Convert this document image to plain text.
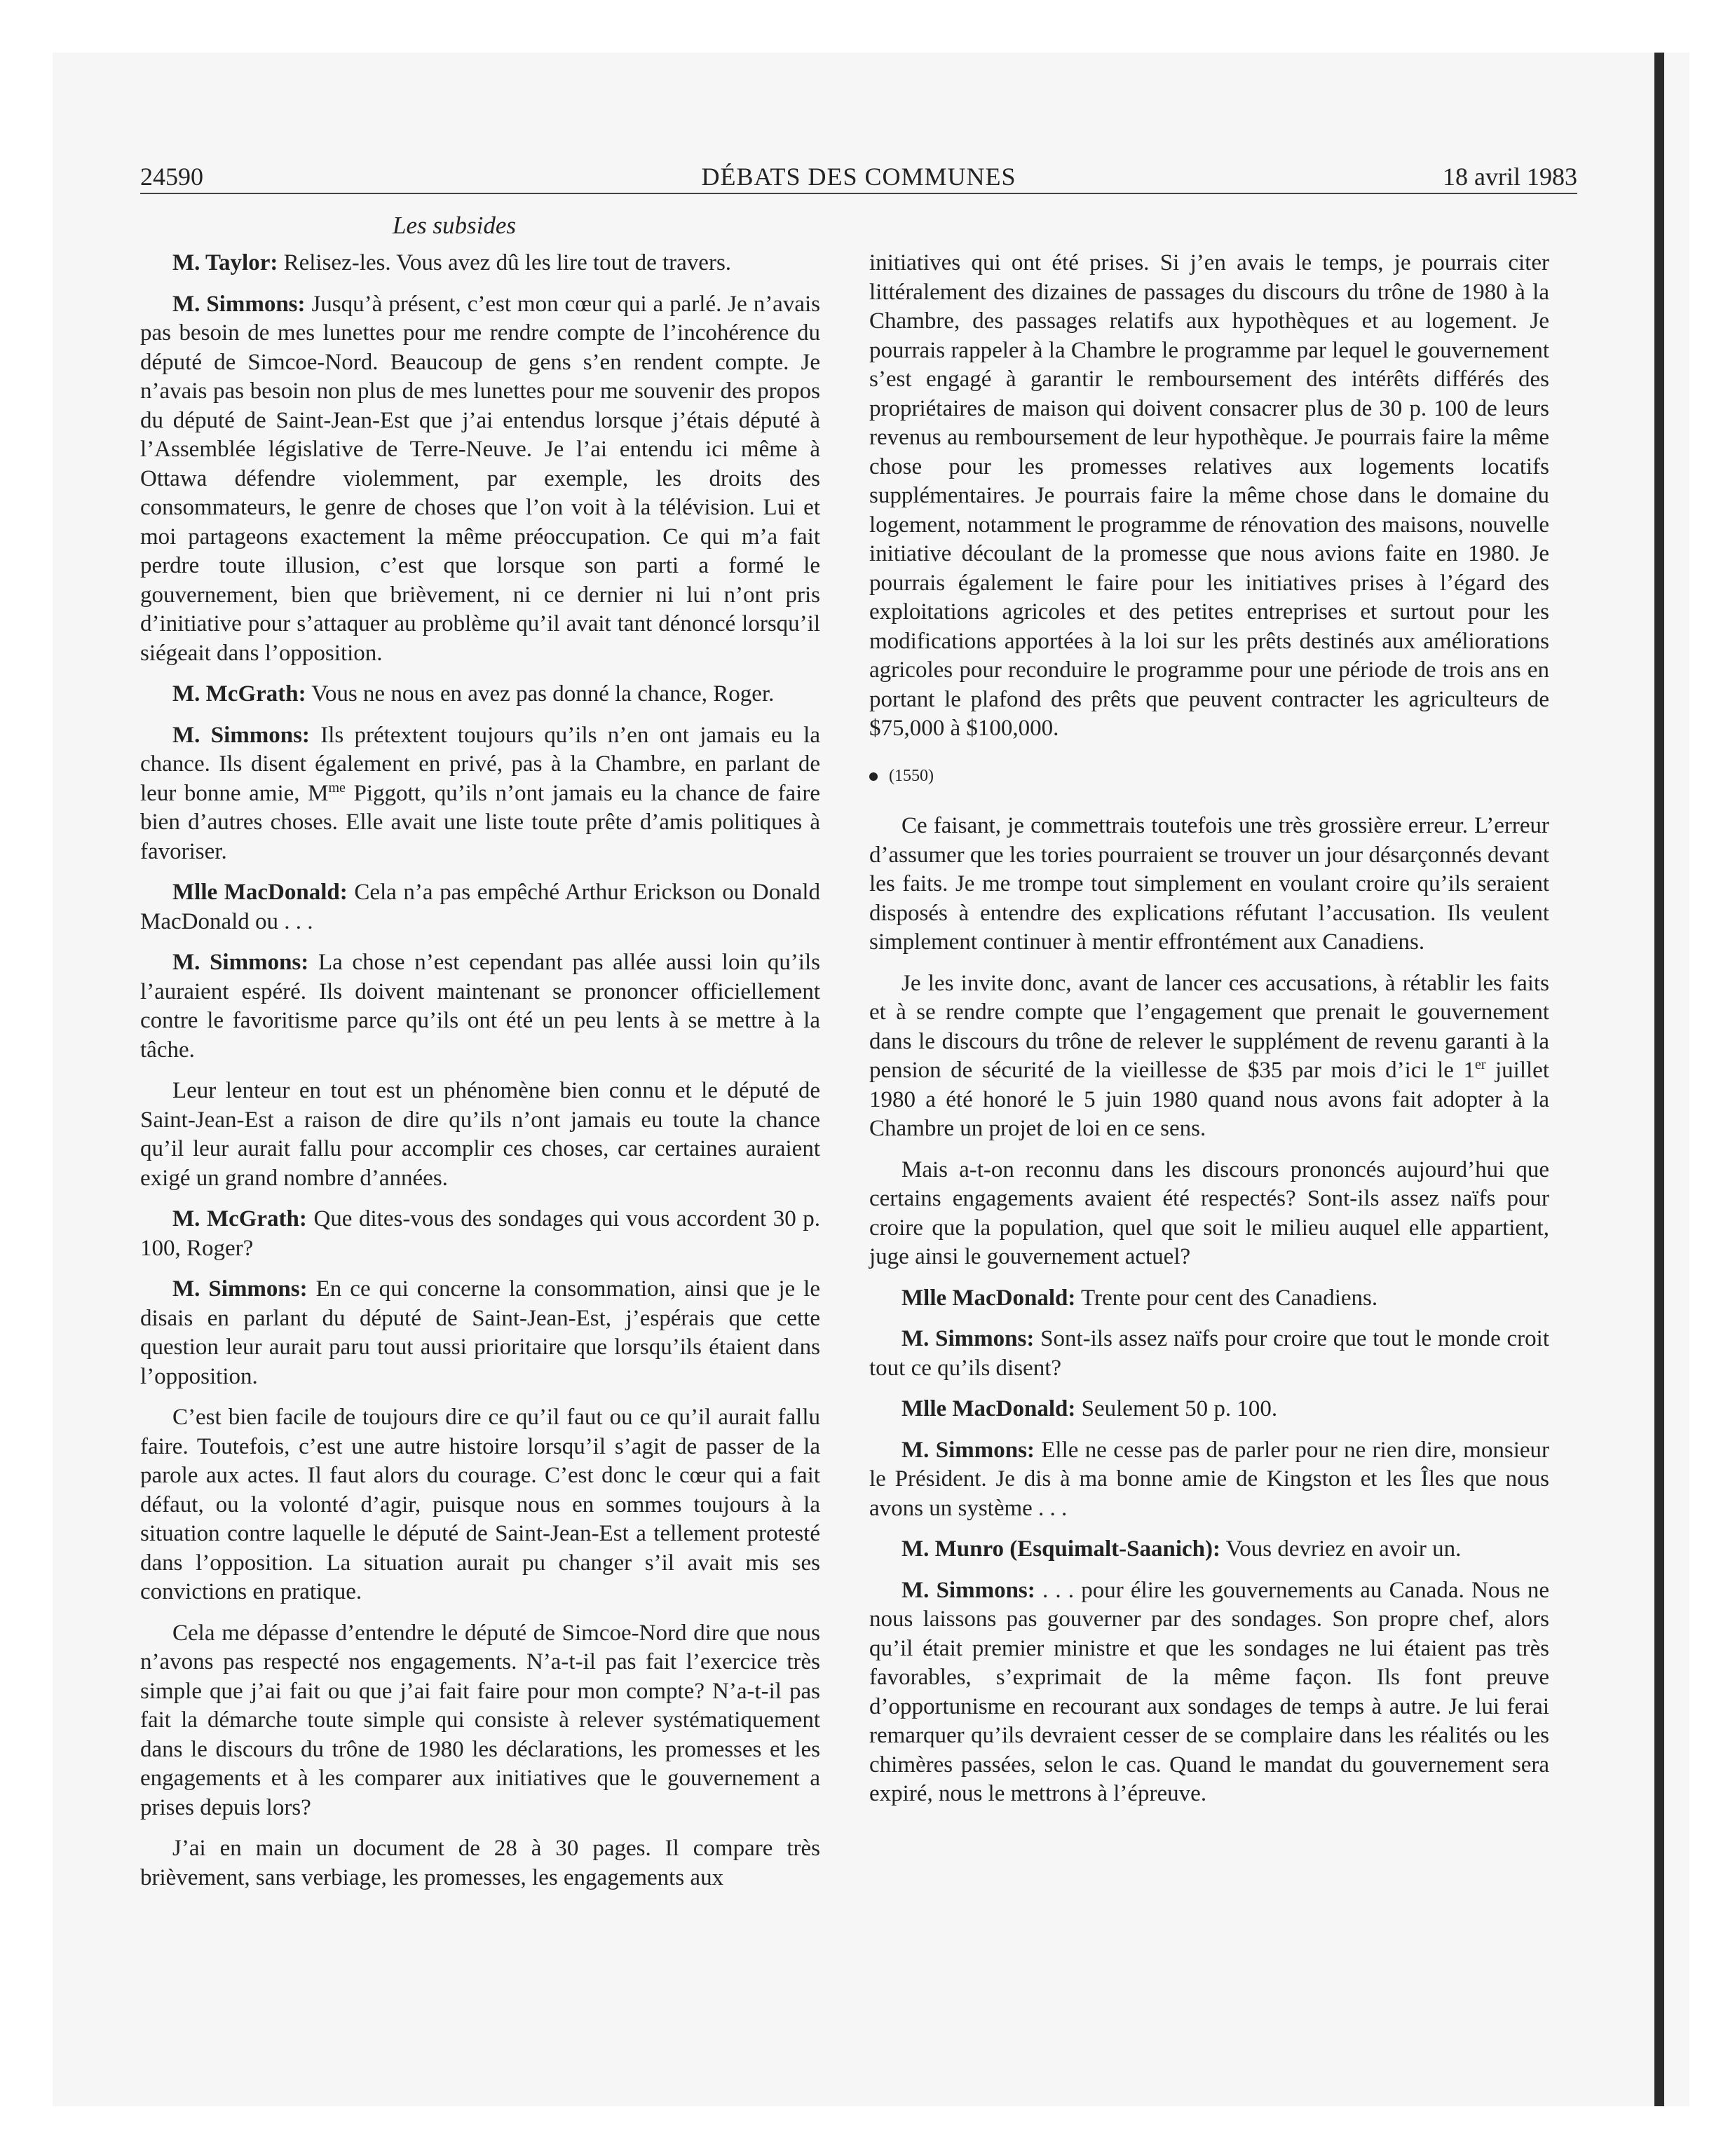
24590	DÉBATS DES COMMUNES	18 avril 1983
Les subsides

M. Taylor: Relisez-les. Vous avez dû les lire tout de travers.

M. Simmons: Jusqu’à présent, c’est mon cœur qui a parlé. Je n’avais pas besoin de mes lunettes pour me rendre compte de l’incohérence du député de Simcoe-Nord. Beaucoup de gens s’en rendent compte. Je n’avais pas besoin non plus de mes lunettes pour me souvenir des propos du député de Saint-Jean-Est que j’ai entendus lorsque j’étais député à l’Assemblée législative de Terre-Neuve. Je l’ai entendu ici même à Ottawa défendre violemment, par exemple, les droits des consommateurs, le genre de choses que l’on voit à la télévision. Lui et moi partageons exactement la même préoccupation. Ce qui m’a fait perdre toute illusion, c’est que lorsque son parti a formé le gouvernement, bien que brièvement, ni ce dernier ni lui n’ont pris d’initiative pour s’attaquer au problème qu’il avait tant dénoncé lorsqu’il siégeait dans l’opposition.

M. McGrath: Vous ne nous en avez pas donné la chance, Roger.

M. Simmons: Ils prétextent toujours qu’ils n’en ont jamais eu la chance. Ils disent également en privé, pas à la Chambre, en parlant de leur bonne amie, $M^{me}$ Piggott, qu’ils n’ont jamais eu la chance de faire bien d’autres choses. Elle avait une liste toute prête d’amis politiques à favoriser.

Mlle MacDonald: Cela n’a pas empêché Arthur Erickson ou Donald MacDonald ou . . .

M. Simmons: La chose n’est cependant pas allée aussi loin qu’ils l’auraient espéré. Ils doivent maintenant se prononcer officiellement contre le favoritisme parce qu’ils ont été un peu lents à se mettre à la tâche.

Leur lenteur en tout est un phénomène bien connu et le député de Saint-Jean-Est a raison de dire qu’ils n’ont jamais eu toute la chance qu’il leur aurait fallu pour accomplir ces choses, car certaines auraient exigé un grand nombre d’années.

M. McGrath: Que dites-vous des sondages qui vous accordent 30 p. 100, Roger?

M. Simmons: En ce qui concerne la consommation, ainsi que je le disais en parlant du député de Saint-Jean-Est, j’espérais que cette question leur aurait paru tout aussi prioritaire que lorsqu’ils étaient dans l’opposition.

C’est bien facile de toujours dire ce qu’il faut ou ce qu’il aurait fallu faire. Toutefois, c’est une autre histoire lorsqu’il s’agit de passer de la parole aux actes. Il faut alors du courage. C’est donc le cœur qui a fait défaut, ou la volonté d’agir, puisque nous en sommes toujours à la situation contre laquelle le député de Saint-Jean-Est a tellement protesté dans l’opposition. La situation aurait pu changer s’il avait mis ses convictions en pratique.

Cela me dépasse d’entendre le député de Simcoe-Nord dire que nous n’avons pas respecté nos engagements. N’a-t-il pas fait l’exercice très simple que j’ai fait ou que j’ai fait faire pour mon compte? N’a-t-il pas fait la démarche toute simple qui consiste à relever systématiquement dans le discours du trône de 1980 les déclarations, les promesses et les engagements et à les comparer aux initiatives que le gouvernement a prises depuis lors?

J’ai en main un document de 28 à 30 pages. Il compare très brièvement, sans verbiage, les promesses, les engagements aux

initiatives qui ont été prises. Si j’en avais le temps, je pourrais citer littéralement des dizaines de passages du discours du trône de 1980 à la Chambre, des passages relatifs aux hypothèques et au logement. Je pourrais rappeler à la Chambre le programme par lequel le gouvernement s’est engagé à garantir le remboursement des intérêts différés des propriétaires de maison qui doivent consacrer plus de 30 p. 100 de leurs revenus au remboursement de leur hypothèque. Je pourrais faire la même chose pour les promesses relatives aux logements locatifs supplémentaires. Je pourrais faire la même chose dans le domaine du logement, notamment le programme de rénovation des maisons, nouvelle initiative découlant de la promesse que nous avions faite en 1980. Je pourrais également le faire pour les initiatives prises à l’égard des exploitations agricoles et des petites entreprises et surtout pour les modifications apportées à la loi sur les prêts destinés aux améliorations agricoles pour reconduire le programme pour une période de trois ans en portant le plafond des prêts que peuvent contracter les agriculteurs de $75,000 à $100,000.

(1550)

Ce faisant, je commettrais toutefois une très grossière erreur. L’erreur d’assumer que les tories pourraient se trouver un jour désarçonnés devant les faits. Je me trompe tout simplement en voulant croire qu’ils seraient disposés à entendre des explications réfutant l’accusation. Ils veulent simplement continuer à mentir effrontément aux Canadiens.

Je les invite donc, avant de lancer ces accusations, à rétablir les faits et à se rendre compte que l’engagement que prenait le gouvernement dans le discours du trône de relever le supplément de revenu garanti à la pension de sécurité de la vieillesse de $35 par mois d’ici le 1er juillet 1980 a été honoré le 5 juin 1980 quand nous avons fait adopter à la Chambre un projet de loi en ce sens.

Mais a-t-on reconnu dans les discours prononcés aujourd’hui que certains engagements avaient été respectés? Sont-ils assez naïfs pour croire que la population, quel que soit le milieu auquel elle appartient, juge ainsi le gouvernement actuel?

Mlle MacDonald: Trente pour cent des Canadiens.

M. Simmons: Sont-ils assez naïfs pour croire que tout le monde croit tout ce qu’ils disent?

Mlle MacDonald: Seulement 50 p. 100.

M. Simmons: Elle ne cesse pas de parler pour ne rien dire, monsieur le Président. Je dis à ma bonne amie de Kingston et les Îles que nous avons un système . . .

M. Munro (Esquimalt-Saanich): Vous devriez en avoir un.

M. Simmons: . . . pour élire les gouvernements au Canada. Nous ne nous laissons pas gouverner par des sondages. Son propre chef, alors qu’il était premier ministre et que les sondages ne lui étaient pas très favorables, s’exprimait de la même façon. Ils font preuve d’opportunisme en recourant aux sondages de temps à autre. Je lui ferai remarquer qu’ils devraient cesser de se complaire dans les réalités ou les chimères passées, selon le cas. Quand le mandat du gouvernement sera expiré, nous le mettrons à l’épreuve.
